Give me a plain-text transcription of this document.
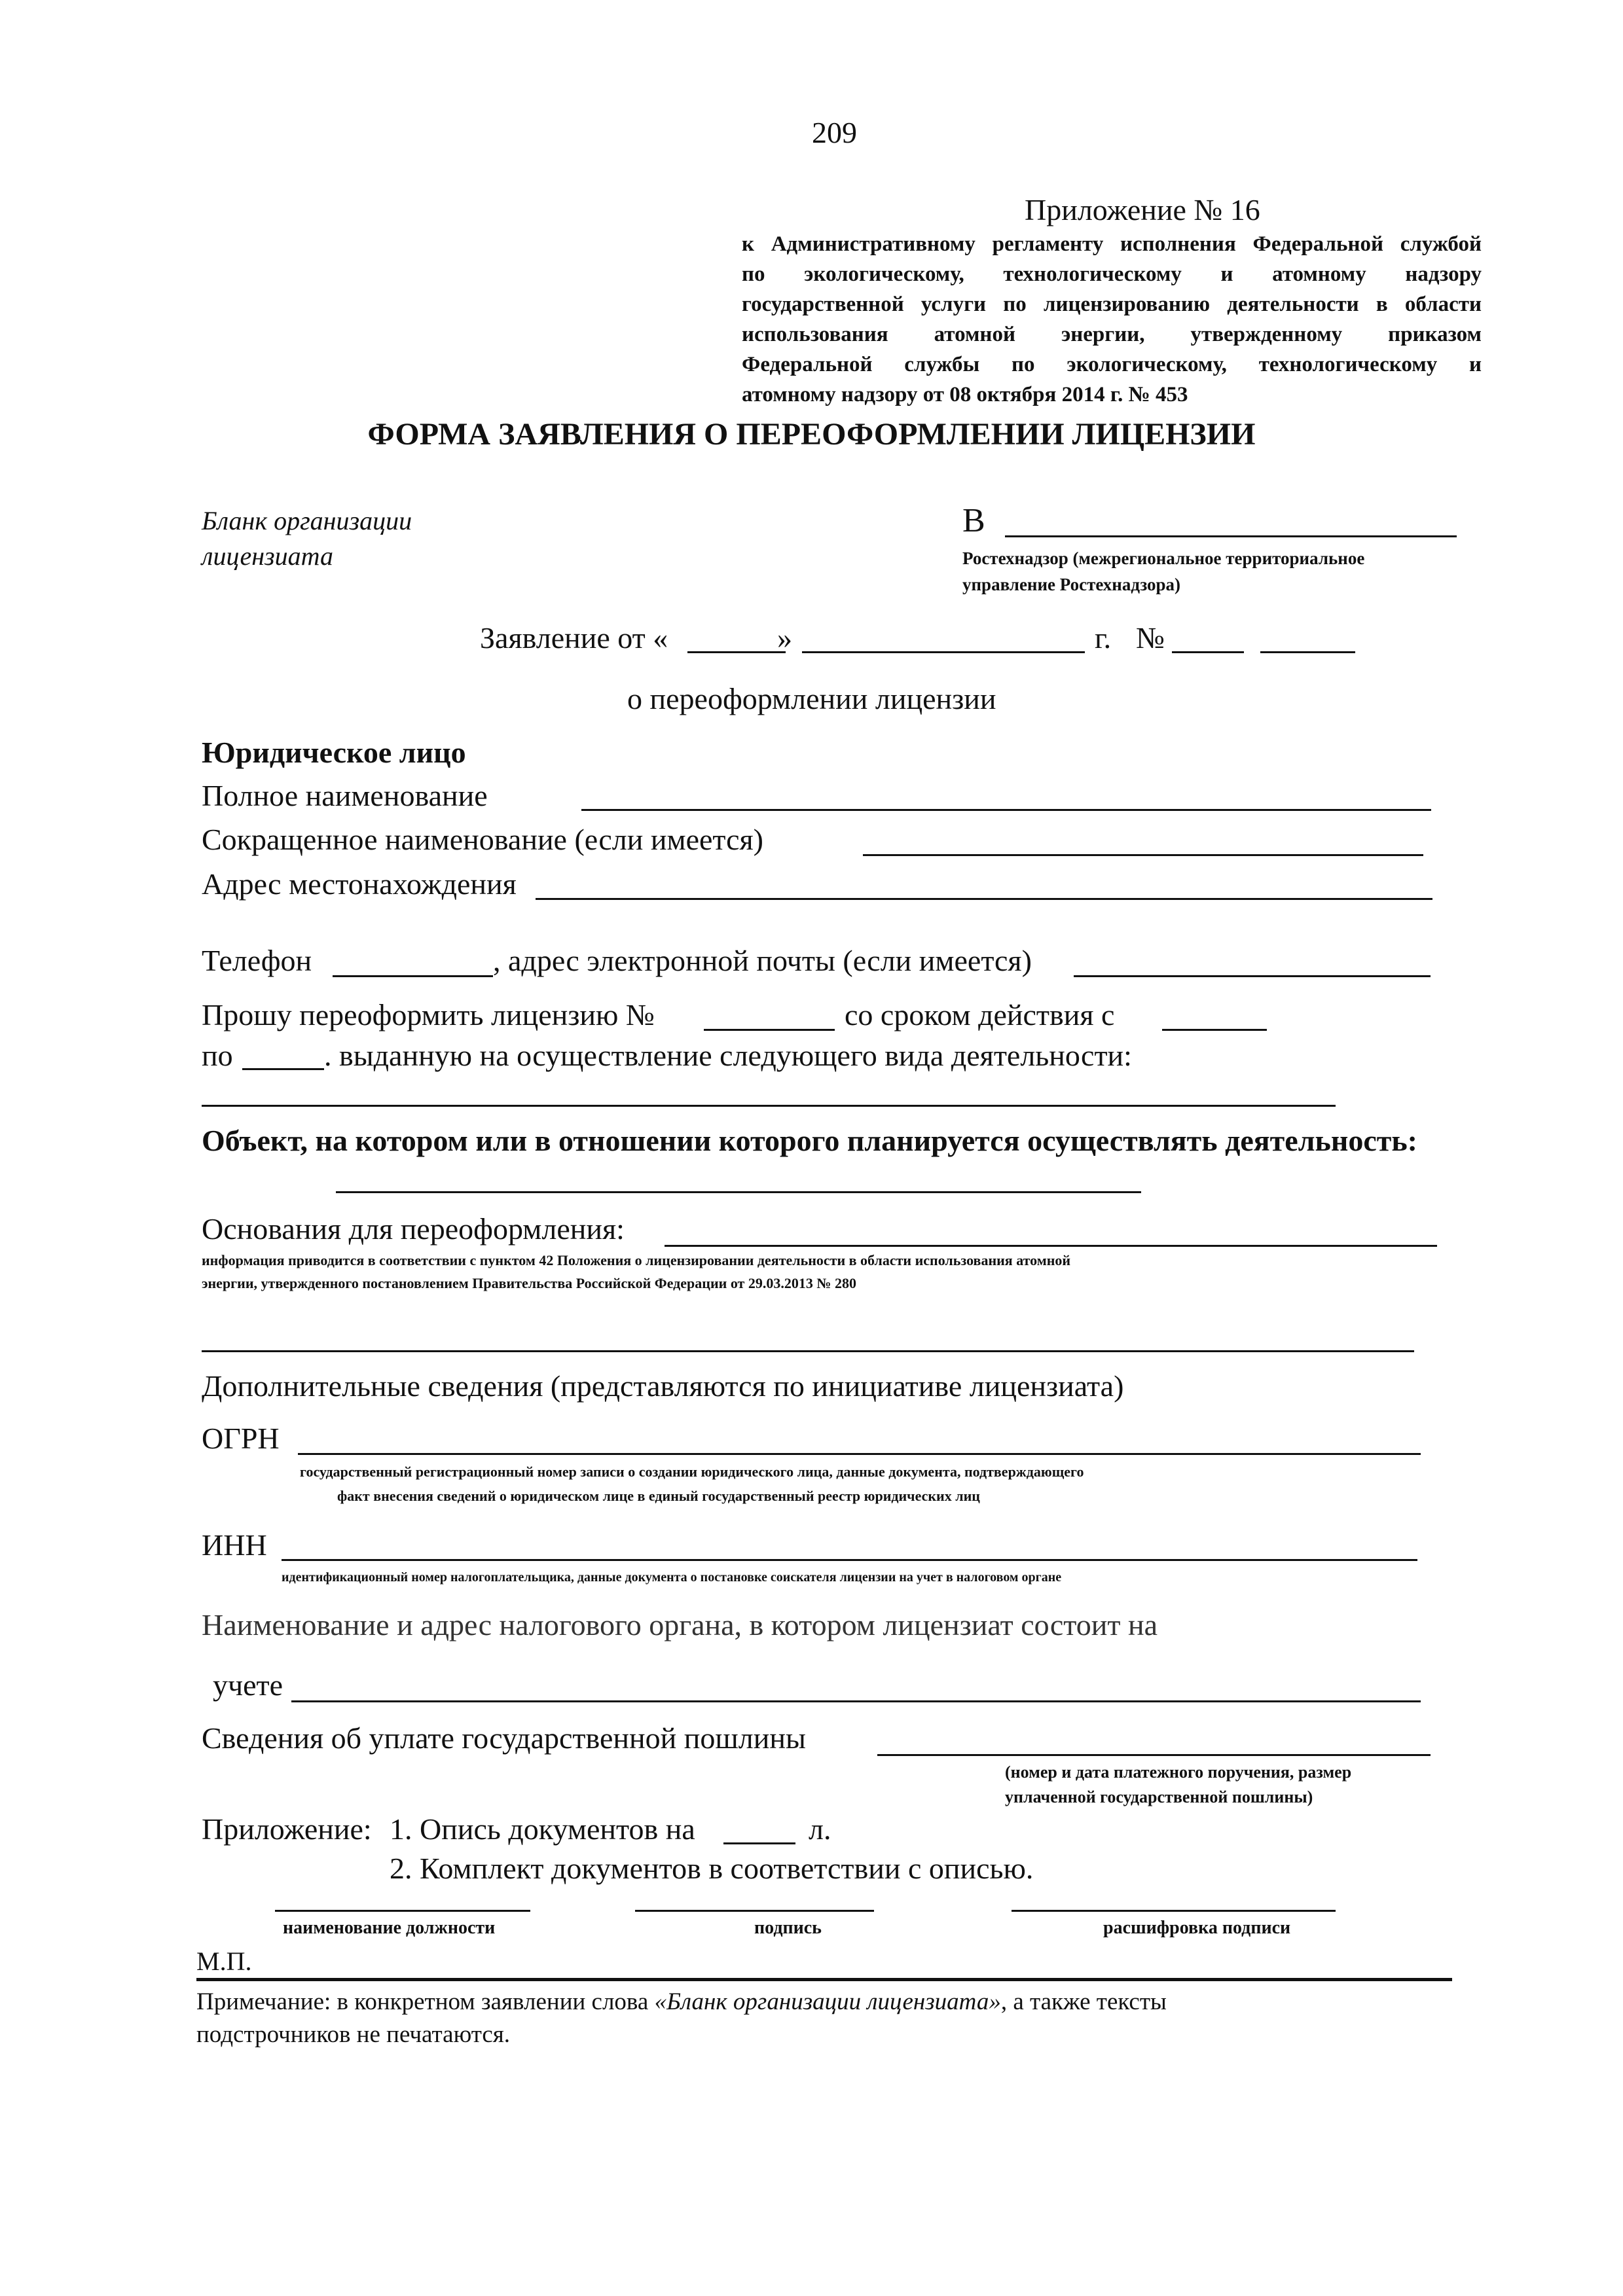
209
Приложение № 16
к Административному регламенту исполнения Федеральной службой
по экологическому, технологическому и атомному надзору
государственной услуги по лицензированию деятельности в области
использования атомной энергии, утвержденному приказом
Федеральной службы по экологическому, технологическому и
атомному надзору от 08 октября 2014 г. № 453
ФОРМА ЗАЯВЛЕНИЯ О ПЕРЕОФОРМЛЕНИИ ЛИЦЕНЗИИ
Бланк организации
лицензиата
В
Ростехнадзор (межрегиональное территориальное
управление Ростехнадзора)
Заявление от «	»	г. №
о переоформлении лицензии
Юридическое лицо
Полное наименование
Сокращенное наименование (если имеется)
Адрес местонахождения
Телефон	, адрес электронной почты (если имеется)
Прошу переоформить лицензию №	со сроком действия с
по	. выданную на осуществление следующего вида деятельности:
Объект, на котором или в отношении которого планируется осуществлять деятельность:
Основания для переоформления:
информация приводится в соответствии с пунктом 42 Положения о лицензировании деятельности в области использования атомной
энергии, утвержденного постановлением Правительства Российской Федерации от 29.03.2013 № 280
Дополнительные сведения (представляются по инициативе лицензиата)
ОГРН
государственный регистрационный номер записи о создании юридического лица, данные документа, подтверждающего
факт внесения сведений о юридическом лице в единый государственный реестр юридических лиц
ИНН
идентификационный номер налогоплательщика, данные документа о постановке соискателя лицензии на учет в налоговом органе
Наименование и адрес налогового органа, в котором лицензиат состоит на
учете
Сведения об уплате государственной пошлины
(номер и дата платежного поручения, размер
уплаченной государственной пошлины)
Приложение: 1. Опись документов на	л.
2. Комплект документов в соответствии с описью.
наименование должности	подпись	расшифровка подписи
М.П.
Примечание: в конкретном заявлении слова «Бланк организации лицензиата», а также тексты
подстрочников не печатаются.
